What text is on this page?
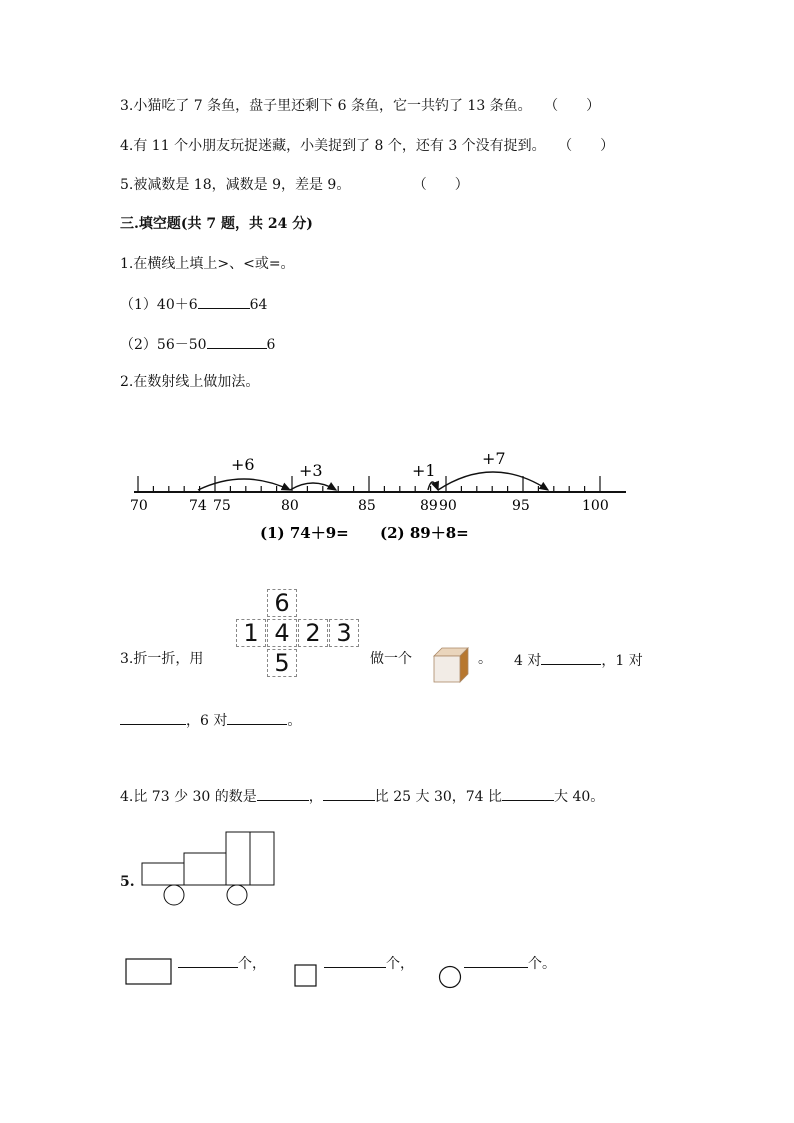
3.小猫吃了 7 条鱼，盘子里还剩下 6 条鱼，它一共钓了 13 条鱼。 （ ）
4.有 11 个小朋友玩捉迷藏，小美捉到了 8 个，还有 3 个没有捉到。 （ ）
5.被减数是 18，减数是 9，差是 9。	（ ）
三.填空题(共 7 题，共 24 分)
1.在横线上填上>、<或=。
（1）40＋6	64
（2）56－50	6
2.在数射线上做加法。
+6	+3	+1
+7
70	74 75	80	85	89 90	95	100
(1) 74＋9= (2) 89＋8=
3.折一折，用
6
1 4 2 3
5	做一个	。 4 对	，1 对
，6 对	。
4.比 73 少 30 的数是	，	比 25 大 30，74 比	大 40。
5.
个，	个，	个。
